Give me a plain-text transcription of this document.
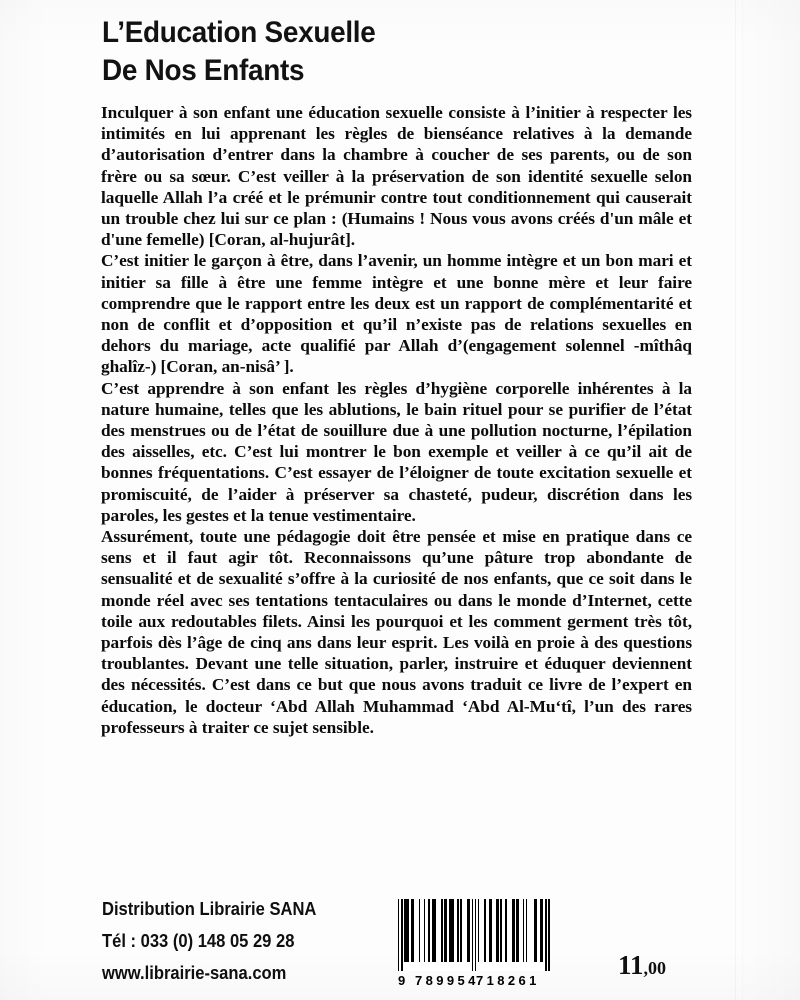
L’Education Sexuelle
De Nos Enfants

Inculquer à son enfant une éducation sexuelle consiste à l’initier à respecter les intimités en lui apprenant les règles de bienséance relatives à la demande d’autorisation d’entrer dans la chambre à coucher de ses parents, ou de son frère ou sa sœur. C’est veiller à la préservation de son identité sexuelle selon laquelle Allah l’a créé et le prémunir contre tout conditionnement qui causerait un trouble chez lui sur ce plan : (Humains ! Nous vous avons créés d'un mâle et d'une femelle) [Coran, al-hujurât].

C’est initier le garçon à être, dans l’avenir, un homme intègre et un bon mari et initier sa fille à être une femme intègre et une bonne mère et leur faire comprendre que le rapport entre les deux est un rapport de complémentarité et non de conflit et d’opposition et qu’il n’existe pas de relations sexuelles en dehors du mariage, acte qualifié par Allah d’(engagement solennel -mîthâq ghalîz-) [Coran, an-nisâ’ ].

C’est apprendre à son enfant les règles d’hygiène corporelle inhérentes à la nature humaine, telles que les ablutions, le bain rituel pour se purifier de l’état des menstrues ou de l’état de souillure due à une pollution nocturne, l’épilation des aisselles, etc. C’est lui montrer le bon exemple et veiller à ce qu’il ait de bonnes fréquentations. C’est essayer de l’éloigner de toute excitation sexuelle et promiscuité, de l’aider à préserver sa chasteté, pudeur, discrétion dans les paroles, les gestes et la tenue vestimentaire.

Assurément, toute une pédagogie doit être pensée et mise en pratique dans ce sens et il faut agir tôt. Reconnaissons qu’une pâture trop abondante de sensualité et de sexualité s’offre à la curiosité de nos enfants, que ce soit dans le monde réel avec ses tentations tentaculaires ou dans le monde d’Internet, cette toile aux redoutables filets. Ainsi les pourquoi et les comment germent très tôt, parfois dès l’âge de cinq ans dans leur esprit. Les voilà en proie à des questions troublantes. Devant une telle situation, parler, instruire et éduquer deviennent des nécessités. C’est dans ce but que nous avons traduit ce livre de l’expert en éducation, le docteur ‘Abd Allah Muhammad ‘Abd Al-Mu‘tî, l’un des rares professeurs à traiter ce sujet sensible.

Distribution Librairie SANA
Tél : 033 (0) 148 05 29 28
www.librairie-sana.com	9 789954
718261
11,00
